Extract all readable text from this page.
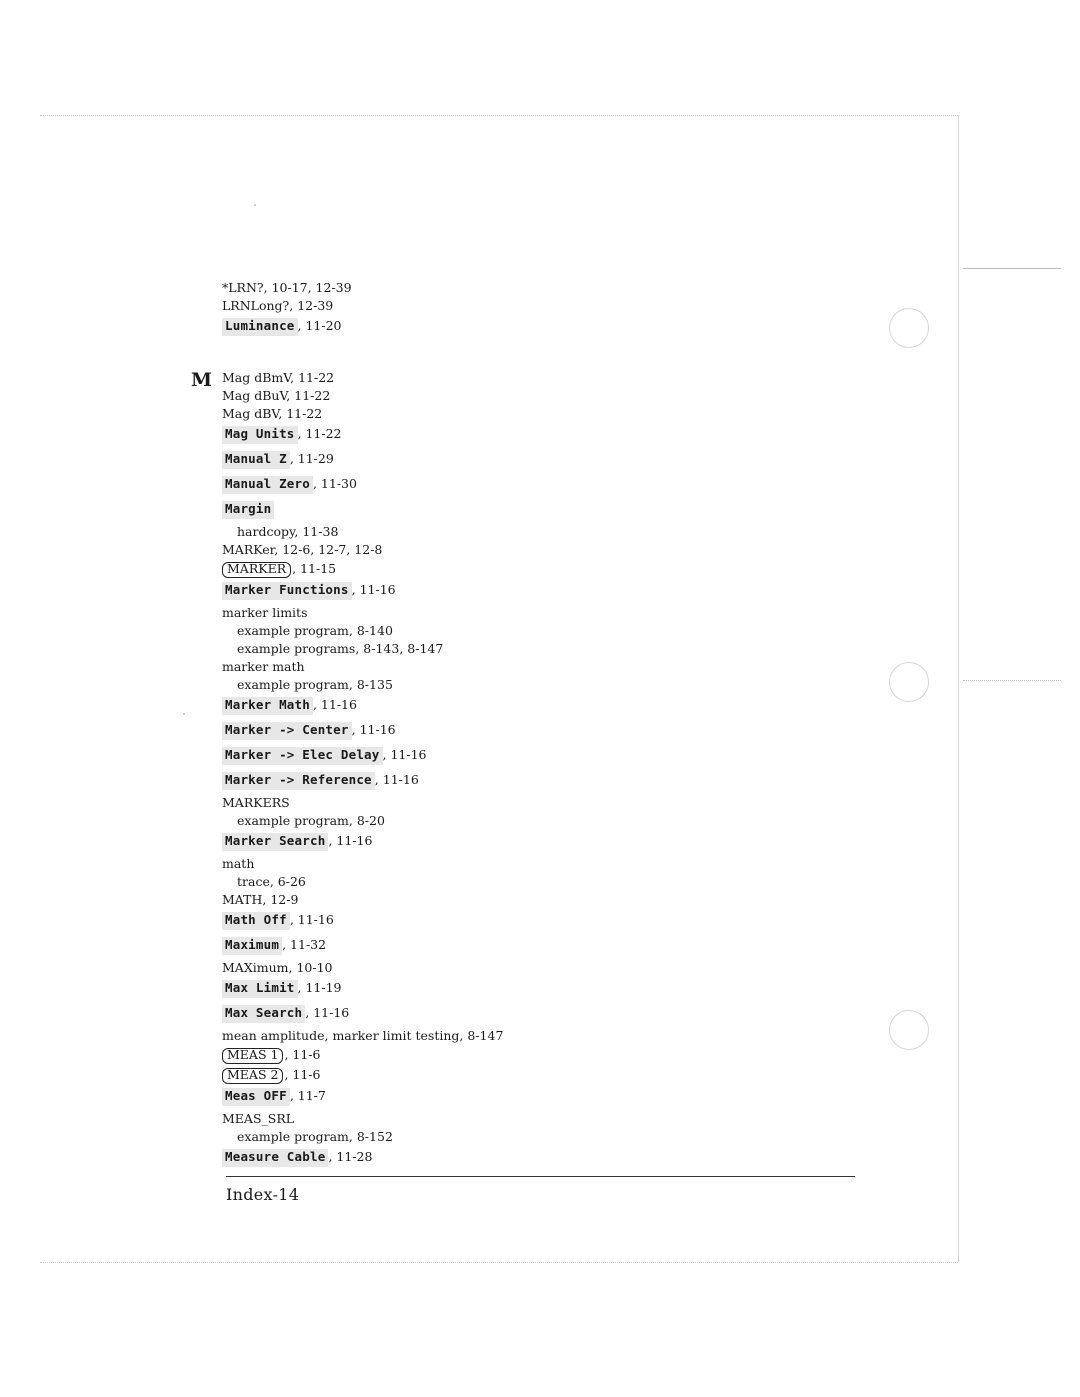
M
*LRN?, 10-17, 12-39
LRNLong?, 12-39
Luminance , 11-20
Mag dBmV, 11-22
Mag dBuV, 11-22
Mag dBV, 11-22
Mag Units , 11-22
Manual Z , 11-29
Manual Zero , 11-30
Margin
hardcopy, 11-38
MARKer, 12-6, 12-7, 12-8
MARKER , 11-15
Marker Functions , 11-16
marker limits
example program, 8-140
example programs, 8-143, 8-147
marker math
example program, 8-135
Marker Math , 11-16
Marker -> Center , 11-16
Marker -> Elec Delay , 11-16
Marker -> Reference , 11-16
MARKERS
example program, 8-20
Marker Search , 11-16
math
trace, 6-26
MATH, 12-9
Math Off , 11-16
Maximum , 11-32
MAXimum, 10-10
Max Limit , 11-19
Max Search , 11-16
mean amplitude, marker limit testing, 8-147
MEAS 1 , 11-6
MEAS 2 , 11-6
Meas OFF , 11-7
MEAS_SRL
example program, 8-152
Measure Cable , 11-28
Index-14
